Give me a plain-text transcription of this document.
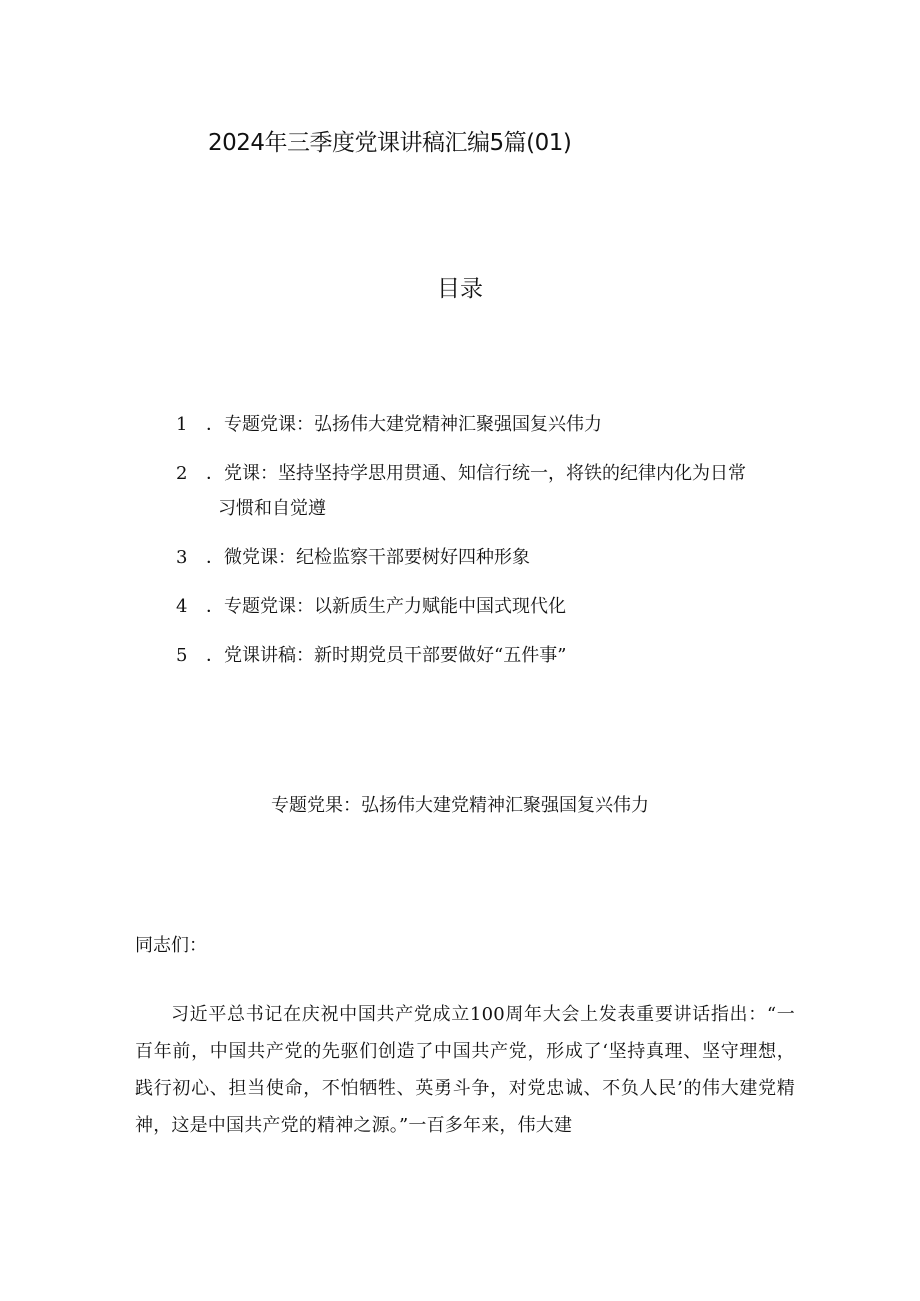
2024年三季度党课讲稿汇编5篇(01)
目录
1	．专题党课：弘扬伟大建党精神汇聚强国复兴伟力
2	．党课：坚持坚持学思用贯通、知信行统一，将铁的纪律内化为日常
习惯和自觉遵
3	．微党课：纪检监察干部要树好四种形象
4	．专题党课：以新质生产力赋能中国式现代化
5	．党课讲稿：新时期党员干部要做好“五件事”
专题党果：弘扬伟大建党精神汇聚强国复兴伟力
同志们：

习近平总书记在庆祝中国共产党成立100周年大会上发表重要讲话指出：“一百年前，中国共产党的先驱们创造了中国共产党，形成了‘坚持真理、坚守理想，践行初心、担当使命，不怕牺牲、英勇斗争，对党忠诚、不负人民’的伟大建党精神，这是中国共产党的精神之源。”一百多年来，伟大建
